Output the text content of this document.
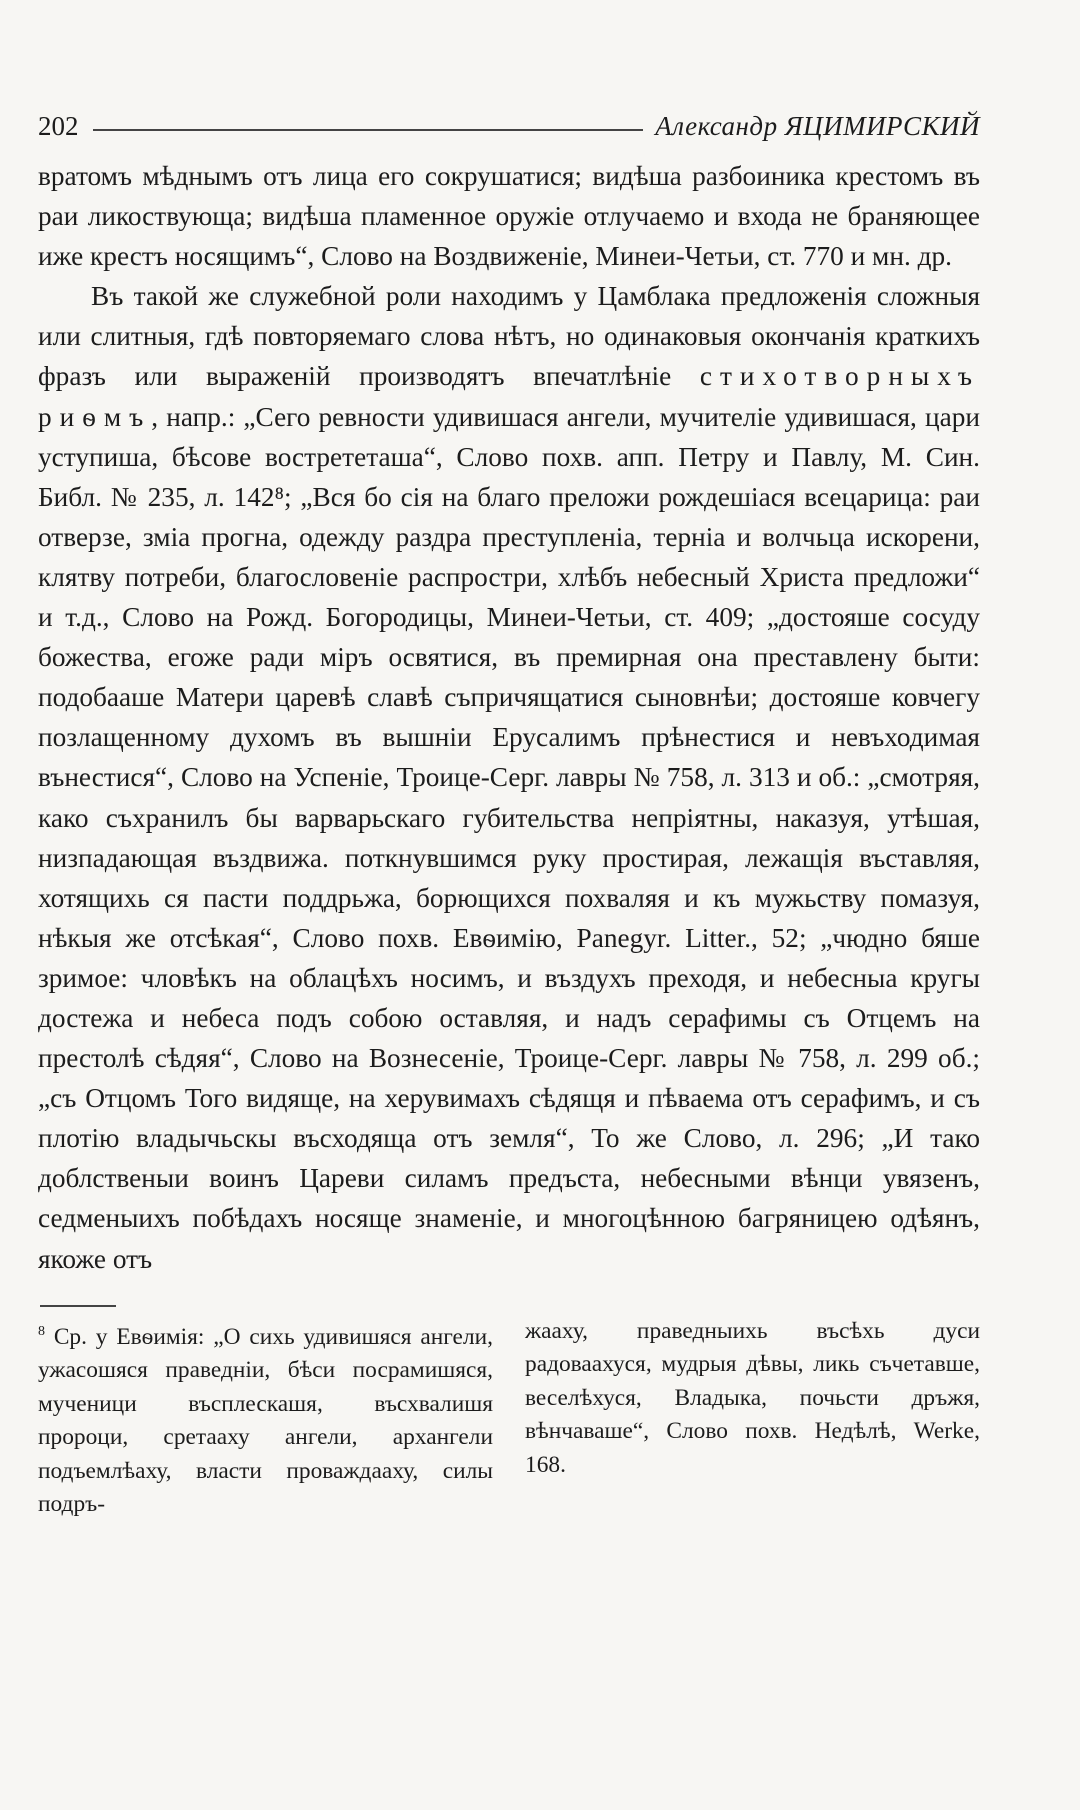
202	Александр ЯЦИМИРСКИЙ

вратомъ мѣднымъ отъ лица его сокрушатися; видѣша разбоиника крестомъ въ раи ликоствующа; видѣша пламенное оружіе отлучаемо и входа не браняющее иже крестъ носящимъ“, Слово на Воздвиженіе, Минеи-Четьи, ст. 770 и мн. др.

Въ такой же служебной роли находимъ у Цамблака предложенія сложныя или слитныя, гдѣ повторяемаго слова нѣтъ, но одинаковыя окончанія краткихъ фразъ или выраженій производятъ впечатлѣніе стихотворныхъ риѳмъ, напр.: „Сего ревности удивишася ангели, мучителіе удивишася, цари уступиша, бѣсове вострететаша“, Слово похв. апп. Петру и Павлу, М. Син. Библ. № 235, л. 142⁸; „Вся бо сія на благо преложи рождешіася всецарица: раи отверзе, зміа прогна, одежду раздра преступленіа, терніа и волчьца искорени, клятву потреби, благословеніе распростри, хлѣбъ небесный Христа предложи“ и т.д., Слово на Рожд. Богородицы, Минеи-Четьи, ст. 409; „достояше сосуду божества, егоже ради міръ освятися, въ премирная она преставлену быти: подобааше Матери царевѣ славѣ съпричящатися сыновнѣи; достояше ковчегу позлащенному духомъ въ вышніи Ерусалимъ прѣнестися и невъходимая вънестися“, Слово на Успеніе, Троице-Серг. лавры № 758, л. 313 и об.: „смотряя, како съхранилъ бы варварьскаго губительства непріятны, наказуя, утѣшая, низпадающая въздвижа. поткнувшимся руку простирая, лежащія въставляя, хотящихь ся пасти поддрьжа, борющихся похваляя и къ мужьству помазуя, нѣкыя же отсѣкая“, Слово похв. Евѳимію, Panegyr. Litter., 52; „чюдно бяше зримое: чловѣкъ на облацѣхъ носимъ, и въздухъ преходя, и небесныа кругы достежа и небеса подъ собою оставляя, и надъ серафимы съ Отцемъ на престолѣ сѣдяя“, Слово на Вознесеніе, Троице-Серг. лавры № 758, л. 299 об.; „съ Отцомъ Того видяще, на херувимахъ сѣдящя и пѣваема отъ серафимъ, и съ плотію владычьскы въсходяща отъ земля“, То же Слово, л. 296; „И тако доблственыи воинъ Цареви силамъ предъста, небесными вѣнци увязенъ, седменыихъ побѣдахъ носяще знаменіе, и многоцѣнною багряницею одѣянъ, якоже отъ

$^8$ Ср. у Евѳимія: „О сихь удивишяся ангели, ужасошяся праведніи, бѣси посрамишяся, мученици въсплескашя, въсхвалишя пророци, сретааху ангели, архангели подъемлѣаху, власти проваждааху, силы подръ-
жааху, праведныихь въсѣхь дуси радоваахуся, мудрыя дѣвы, ликь съчетавше, веселѣхуся, Владыка, почьсти дръжя, вѣнчаваше“, Слово похв. Недѣлѣ, Werke, 168.
